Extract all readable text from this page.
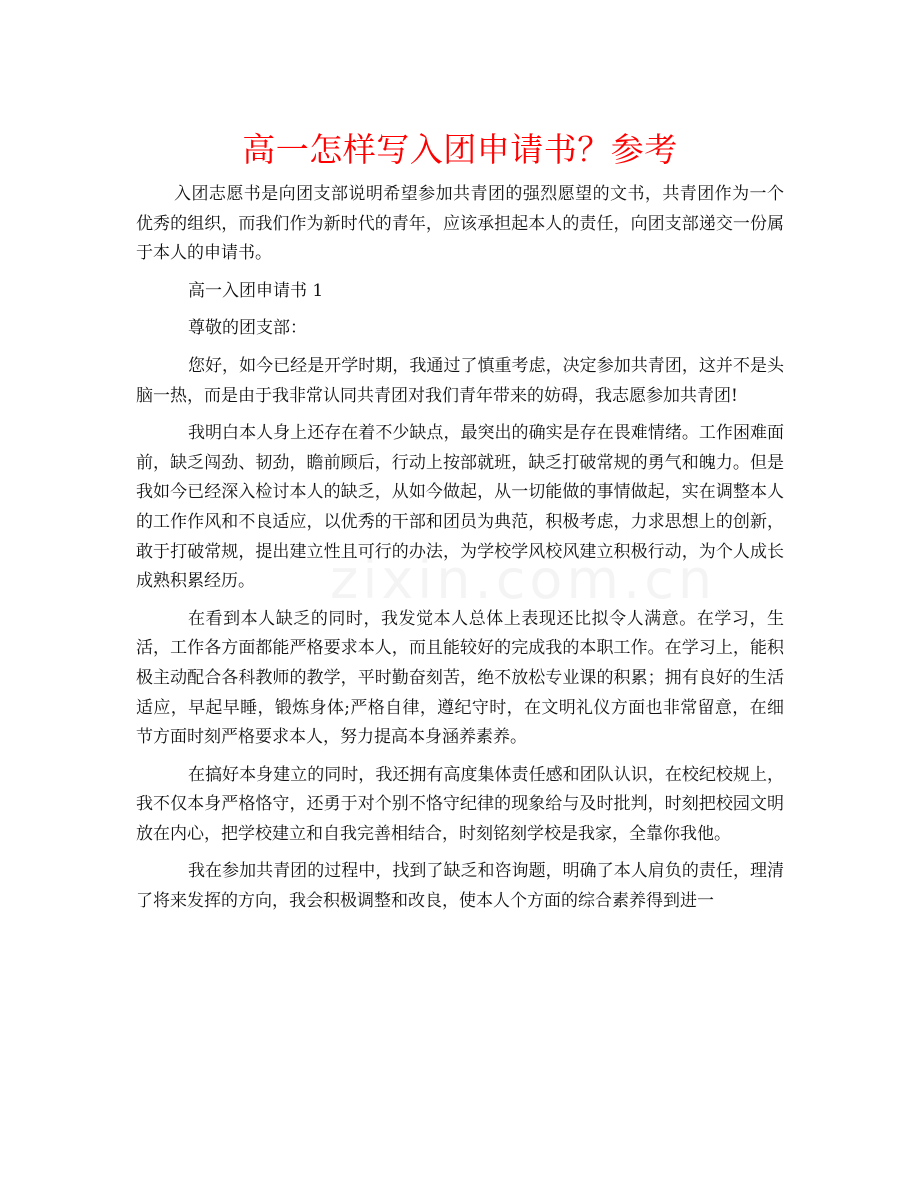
高一怎样写入团申请书？参考

入团志愿书是向团支部说明希望参加共青团的强烈愿望的文书，共青团作为一个优秀的组织，而我们作为新时代的青年，应该承担起本人的责任，向团支部递交一份属于本人的申请书。

高一入团申请书 1

尊敬的团支部：

您好，如今已经是开学时期，我通过了慎重考虑，决定参加共青团，这并不是头脑一热，而是由于我非常认同共青团对我们青年带来的妨碍，我志愿参加共青团!

我明白本人身上还存在着不少缺点，最突出的确实是存在畏难情绪。工作困难面前，缺乏闯劲、韧劲，瞻前顾后，行动上按部就班，缺乏打破常规的勇气和魄力。但是我如今已经深入检讨本人的缺乏，从如今做起，从一切能做的事情做起，实在调整本人的工作作风和不良适应，以优秀的干部和团员为典范，积极考虑，力求思想上的创新，敢于打破常规，提出建立性且可行的办法，为学校学风校风建立积极行动，为个人成长成熟积累经历。

在看到本人缺乏的同时，我发觉本人总体上表现还比拟令人满意。在学习，生活，工作各方面都能严格要求本人，而且能较好的完成我的本职工作。在学习上，能积极主动配合各科教师的教学，平时勤奋刻苦，绝不放松专业课的积累；拥有良好的生活适应，早起早睡，锻炼身体;严格自律，遵纪守时，在文明礼仪方面也非常留意，在细节方面时刻严格要求本人，努力提高本身涵养素养。

在搞好本身建立的同时，我还拥有高度集体责任感和团队认识，在校纪校规上，我不仅本身严格恪守，还勇于对个别不恪守纪律的现象给与及时批判，时刻把校园文明放在内心，把学校建立和自我完善相结合，时刻铭刻学校是我家，全靠你我他。

我在参加共青团的过程中，找到了缺乏和咨询题，明确了本人肩负的责任，理清了将来发挥的方向，我会积极调整和改良，使本人个方面的综合素养得到进一
